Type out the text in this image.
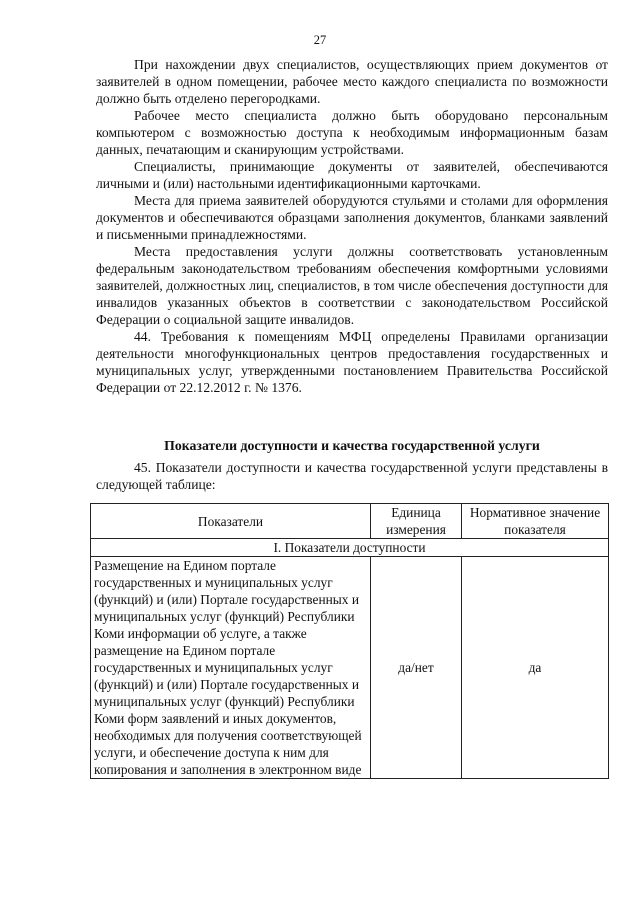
27

При нахождении двух специалистов, осуществляющих прием документов от заявителей в одном помещении, рабочее место каждого специалиста по возможности должно быть отделено перегородками.

Рабочее место специалиста должно быть оборудовано персональным компьютером с возможностью доступа к необходимым информационным базам данных, печатающим и сканирующим устройствами.

Специалисты, принимающие документы от заявителей, обеспечиваются личными и (или) настольными идентификационными карточками.

Места для приема заявителей оборудуются стульями и столами для оформления документов и обеспечиваются образцами заполнения документов, бланками заявлений и письменными принадлежностями.

Места предоставления услуги должны соответствовать установленным федеральным законодательством требованиям обеспечения комфортными условиями заявителей, должностных лиц, специалистов, в том числе обеспечения доступности для инвалидов указанных объектов в соответствии с законодательством Российской Федерации о социальной защите инвалидов.

44. Требования к помещениям МФЦ определены Правилами организации деятельности многофункциональных центров предоставления государственных и муниципальных услуг, утвержденными постановлением Правительства Российской Федерации от 22.12.2012 г. № 1376.

Показатели доступности и качества государственной услуги

45. Показатели доступности и качества государственной услуги представлены в следующей таблице:

Показатели	Единица измерения	Нормативное значение показателя
I. Показатели доступности		
Размещение на Едином портале государственных и муниципальных услуг (функций) и (или) Портале государственных и муниципальных услуг (функций) Республики Коми информации об услуге, а также размещение на Едином портале государственных и муниципальных услуг (функций) и (или) Портале государственных и муниципальных услуг (функций) Республики Коми форм заявлений и иных документов, необходимых для получения соответствующей услуги, и обеспечение доступа к ним для копирования и заполнения в электронном виде	да/нет	да
